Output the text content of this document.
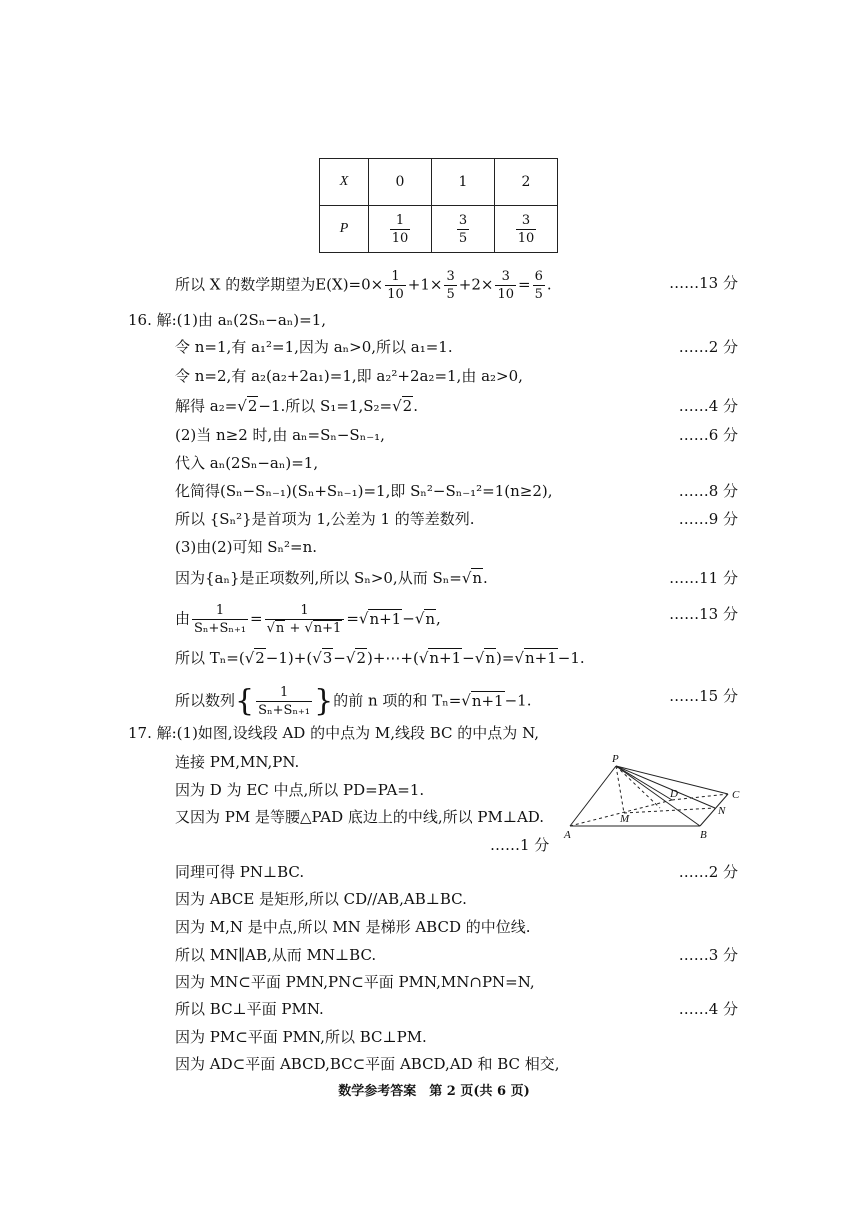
X	0	1	2
P	$\frac{1}{10}$	$\frac{3}{5}$	$\frac{3}{10}$
所以 X 的数学期望为$E(X)=0\times \frac{1}{10} +1\times \frac{3}{5} +2\times \frac{3}{10} = \frac{6}{5}$ .	……13 分
16. 解:(1)由 aₙ(2Sₙ−aₙ)=1,
令 n=1,有 a₁²=1,因为 aₙ>0,所以 a₁=1.	……2 分
令 n=2,有 a₂(a₂+2a₁)=1,即 a₂²+2a₂=1,由 a₂>0,
解得 a₂=√2−1.所以 S₁=1,S₂=√2.	……4 分
(2)当 n≥2 时,由 aₙ=Sₙ−Sₙ₋₁,	……6 分
代入 aₙ(2Sₙ−aₙ)=1,
化简得(Sₙ−Sₙ₋₁)(Sₙ+Sₙ₋₁)=1,即 Sₙ²−Sₙ₋₁²=1(n≥2),	……8 分
所以 {Sₙ²}是首项为 1,公差为 1 的等差数列.	……9 分
(3)由(2)可知 Sₙ²=n.
因为{aₙ}是正项数列,所以 Sₙ>0,从而 Sₙ=√n.	……11 分
由 $\frac{1}{\text{Sₙ+Sₙ₊₁}} = \frac{1}{√n + √n+1} =√n+1-√n$,	……13 分
所以 Tₙ=(√2−1)+(√3−√2)+⋯+(√n+1−√n)=√n+1−1.
所以数列{ $\frac{1}{\text{Sₙ+Sₙ₊₁}}$ }的前 n 项的和 Tₙ=√n+1−1.	……15 分
17. 解:(1)如图,设线段 AD 的中点为 M,线段 BC 的中点为 N,
连接 PM,MN,PN.
因为 D 为 EC 中点,所以 PD=PA=1.
又因为 PM 是等腰△PAD 底边上的中线,所以 PM⊥AD.
……1 分
同理可得 PN⊥BC.	……2 分
因为 ABCE 是矩形,所以 CD//AB,AB⊥BC.
因为 M,N 是中点,所以 MN 是梯形 ABCD 的中位线.
所以 MN∥AB,从而 MN⊥BC.	……3 分
因为 MN⊂平面 PMN,PN⊂平面 PMN,MN∩PN=N,
所以 BC⊥平面 PMN.	……4 分
因为 PM⊂平面 PMN,所以 BC⊥PM.
因为 AD⊂平面 ABCD,BC⊂平面 ABCD,AD 和 BC 相交,
P
A	B
C
D
M
N
数学参考答案　第 2 页(共 6 页)
